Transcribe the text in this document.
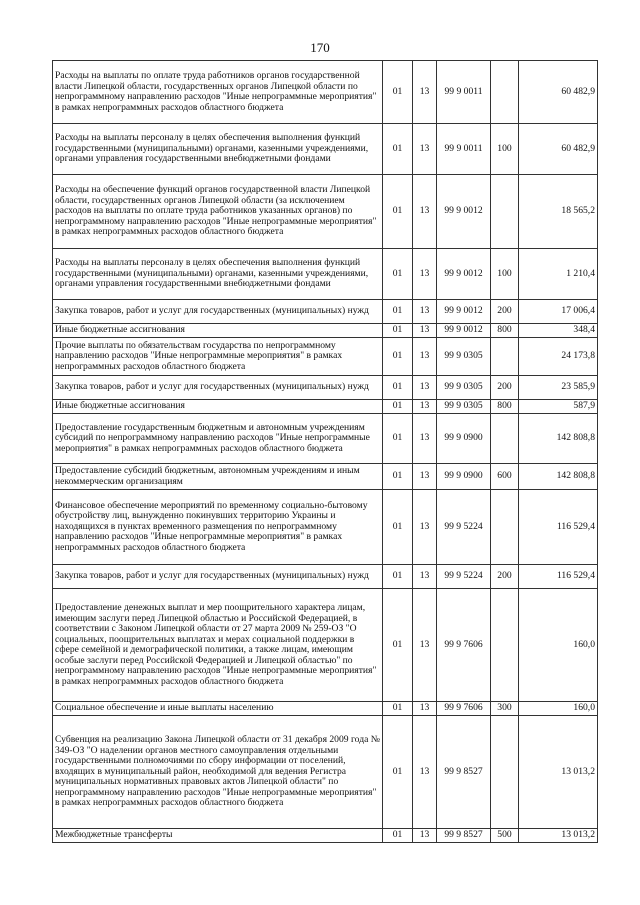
170
Расходы на выплаты по оплате труда работников органов государственной власти Липецкой области, государственных органов Липецкой области по непрограммному направлению расходов "Иные непрограммные мероприятия" в рамках непрограммных расходов областного бюджета	01	13	99 9 0011		60 482,9
Расходы на выплаты персоналу в целях обеспечения выполнения функций государственными (муниципальными) органами, казенными учреждениями, органами управления государственными внебюджетными фондами	01	13	99 9 0011	100	60 482,9
Расходы на обеспечение функций органов государственной власти Липецкой области, государственных органов Липецкой области (за исключением расходов на выплаты по оплате труда работников указанных органов) по непрограммному направлению расходов "Иные непрограммные мероприятия" в рамках непрограммных расходов областного бюджета	01	13	99 9 0012		18 565,2
Расходы на выплаты персоналу в целях обеспечения выполнения функций государственными (муниципальными) органами, казенными учреждениями, органами управления государственными внебюджетными фондами	01	13	99 9 0012	100	1 210,4
Закупка товаров, работ и услуг для государственных (муниципальных) нужд	01	13	99 9 0012	200	17 006,4
Иные бюджетные ассигнования	01	13	99 9 0012	800	348,4
Прочие выплаты по обязательствам государства по непрограммному направлению расходов "Иные непрограммные мероприятия" в рамках непрограммных расходов областного бюджета	01	13	99 9 0305		24 173,8
Закупка товаров, работ и услуг для государственных (муниципальных) нужд	01	13	99 9 0305	200	23 585,9
Иные бюджетные ассигнования	01	13	99 9 0305	800	587,9
Предоставление государственным бюджетным и автономным учреждениям субсидий по непрограммному направлению расходов "Иные непрограммные мероприятия" в рамках непрограммных расходов областного бюджета	01	13	99 9 0900		142 808,8
Предоставление субсидий бюджетным, автономным учреждениям и иным некоммерческим организациям	01	13	99 9 0900	600	142 808,8
Финансовое обеспечение мероприятий по временному социально-бытовому обустройству лиц, вынужденно покинувших территорию Украины и находящихся в пунктах временного размещения по непрограммному направлению расходов "Иные непрограммные мероприятия" в рамках непрограммных расходов областного бюджета	01	13	99 9 5224		116 529,4
Закупка товаров, работ и услуг для государственных (муниципальных) нужд	01	13	99 9 5224	200	116 529,4
Предоставление денежных выплат и мер поощрительного характера лицам, имеющим заслуги перед Липецкой областью и Российской Федерацией, в соответствии с Законом Липецкой области от 27 марта 2009 № 259-ОЗ "О социальных, поощрительных выплатах и мерах социальной поддержки в сфере семейной и демографической политики, а также лицам, имеющим особые заслуги перед Российской Федерацией и Липецкой областью" по непрограммному направлению расходов "Иные непрограммные мероприятия" в рамках непрограммных расходов областного бюджета	01	13	99 9 7606		160,0
Социальное обеспечение и иные выплаты населению	01	13	99 9 7606	300	160,0
Субвенция на реализацию Закона Липецкой области от 31 декабря 2009 года № 349-ОЗ "О наделении органов местного самоуправления отдельными государственными полномочиями по сбору информации от поселений, входящих в муниципальный район, необходимой для ведения Регистра муниципальных нормативных правовых актов Липецкой области" по непрограммному направлению расходов "Иные непрограммные мероприятия" в рамках непрограммных расходов областного бюджета	01	13	99 9 8527		13 013,2
Межбюджетные трансферты	01	13	99 9 8527	500	13 013,2
